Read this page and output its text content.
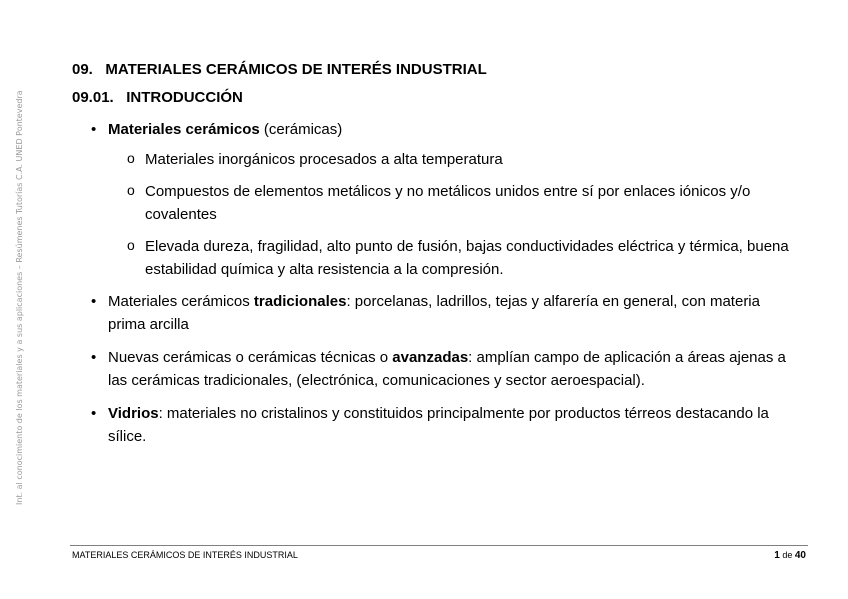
Int. al conocimiento de los materiales y a sus aplicaciones – Resúmenes Tutorías C.A. UNED Pontevedra
09.   MATERIALES CERÁMICOS DE INTERÉS INDUSTRIAL
09.01.   INTRODUCCIÓN
• Materiales cerámicos (cerámicas)
o Materiales inorgánicos procesados a alta temperatura
o Compuestos de elementos metálicos y no metálicos unidos entre sí por enlaces iónicos y/o covalentes
o Elevada dureza, fragilidad, alto punto de fusión, bajas conductividades eléctrica y térmica, buena estabilidad química y alta resistencia a la compresión.
• Materiales cerámicos tradicionales: porcelanas, ladrillos, tejas y alfarería en general, con materia prima arcilla
• Nuevas cerámicas o cerámicas técnicas o avanzadas: amplían campo de aplicación a áreas ajenas a las cerámicas tradicionales, (electrónica, comunicaciones y sector aeroespacial).
• Vidrios: materiales no cristalinos y constituidos principalmente por productos térreos destacando la sílice.
MATERIALES CERÁMICOS DE INTERÉS INDUSTRIAL	1 de 40
